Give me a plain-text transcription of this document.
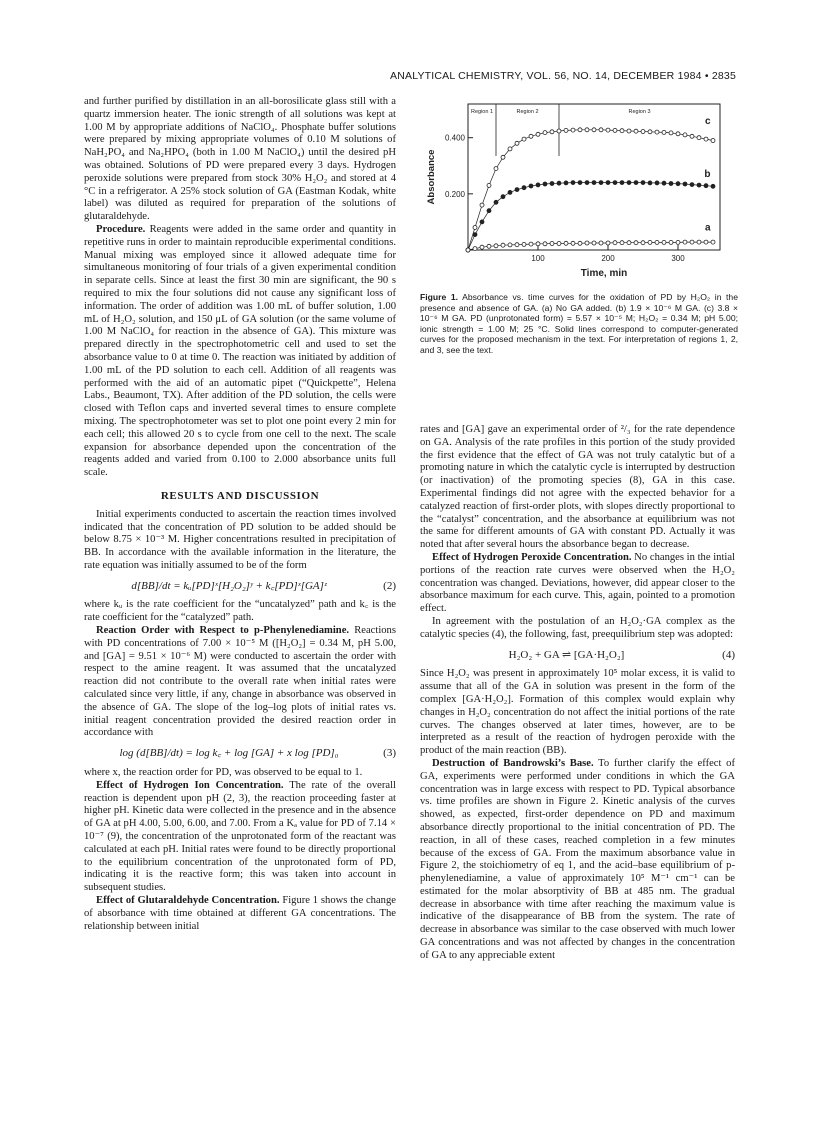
ANALYTICAL CHEMISTRY, VOL. 56, NO. 14, DECEMBER 1984 • 2835

and further purified by distillation in an all-borosilicate glass still with a quartz immersion heater. The ionic strength of all solutions was kept at 1.00 M by appropriate additions of NaClO₄. Phosphate buffer solutions were prepared by mixing appropriate volumes of 0.10 M solutions of NaH₂PO₄ and Na₂HPO₄ (both in 1.00 M NaClO₄) until the desired pH was obtained. Solutions of PD were prepared every 3 days. Hydrogen peroxide solutions were prepared from stock 30% H₂O₂ and stored at 4 °C in a refrigerator. A 25% stock solution of GA (Eastman Kodak, white label) was diluted as required for preparation of the solutions of glutaraldehyde.

Procedure. Reagents were added in the same order and quantity in repetitive runs in order to maintain reproducible experimental conditions. Manual mixing was employed since it allowed adequate time for simultaneous monitoring of four trials of a given experimental condition in separate cells. Since at least the first 30 min are significant, the 90 s required to mix the four solutions did not cause any significant loss of information. The order of addition was 1.00 mL of buffer solution, 1.00 mL of H₂O₂ solution, and 150 μL of GA solution (or the same volume of 1.00 M NaClO₄ for reaction in the absence of GA). This mixture was prepared directly in the spectrophotometric cell and used to set the absorbance value to 0 at time 0. The reaction was initiated by addition of 1.00 mL of the PD solution to each cell. Addition of all reagents was performed with the aid of an automatic pipet (“Quickpette”, Helena Labs., Beaumont, TX). After addition of the PD solution, the cells were closed with Teflon caps and inverted several times to ensure complete mixing. The spectrophotometer was set to plot one point every 2 min for each cell; this allowed 20 s to cycle from one cell to the next. The scale expansion for absorbance depended upon the concentration of the reagents added and varied from 0.100 to 2.000 absorbance units full scale.

RESULTS AND DISCUSSION

Initial experiments conducted to ascertain the reaction times involved indicated that the concentration of PD solution to be added should be below 8.75 × 10⁻³ M. Higher concentrations resulted in precipitation of BB. In accordance with the available information in the literature, the rate equation was initially assumed to be of the form

d[BB]/dt = kᵤ[PD]ˣ[H₂O₂]ʸ + k꜀[PD]ˣ[GA]ᶻ	(2)

where kᵤ is the rate coefficient for the “uncatalyzed” path and k꜀ is the rate coefficient for the “catalyzed” path.

Reaction Order with Respect to p-Phenylenediamine. Reactions with PD concentrations of 7.00 × 10⁻⁵ M ([H₂O₂] = 0.34 M, pH 5.00, and [GA] = 9.51 × 10⁻⁶ M) were conducted to ascertain the order with respect to the amine reagent. It was assumed that the uncatalyzed reaction did not contribute to the overall rate when initial rates were calculated since very little, if any, change in absorbance was observed in the absence of GA. The slope of the log–log plots of initial rates vs. initial reagent concentration provided the desired reaction order in accordance with

log (d[BB]/dt) = log k꜀ + log [GA] + x log [PD]₀	(3)

where x, the reaction order for PD, was observed to be equal to 1.

Effect of Hydrogen Ion Concentration. The rate of the overall reaction is dependent upon pH (2, 3), the reaction proceeding faster at higher pH. Kinetic data were collected in the presence and in the absence of GA at pH 4.00, 5.00, 6.00, and 7.00. From a Kₐ value for PD of 7.14 × 10⁻⁷ (9), the concentration of the unprotonated form of the reactant was calculated at each pH. Initial rates were found to be directly proportional to the equilibrium concentration of the unprotonated form of PD, indicating it is the reactive form; this was taken into account in subsequent studies.

Effect of Glutaraldehyde Concentration. Figure 1 shows the change of absorbance with time obtained at different GA concentrations. The relationship between initial

Region 1	Region 2	Region 3
0.200
0.400
100	200	300
Absorbance
Time, min
c
b
a
Figure 1. Absorbance vs. time curves for the oxidation of PD by H₂O₂ in the presence and absence of GA. (a) No GA added. (b) 1.9 × 10⁻⁶ M GA. (c) 3.8 × 10⁻⁶ M GA. PD (unprotonated form) = 5.57 × 10⁻⁵ M; H₂O₂ = 0.34 M; pH 5.00; ionic strength = 1.00 M; 25 °C. Solid lines correspond to computer-generated curves for the proposed mechanism in the text. For interpretation of regions 1, 2, and 3, see the text.

rates and [GA] gave an experimental order of ²/₃ for the rate dependence on GA. Analysis of the rate profiles in this portion of the study provided the first evidence that the effect of GA was not truly catalytic but of a promoting nature in which the catalytic cycle is interrupted by destruction (or inactivation) of the promoting species (8), GA in this case. Experimental findings did not agree with the expected behavior for a catalyzed reaction of first-order plots, with slopes directly proportional to the “catalyst” concentration, and the absorbance at equilibrium was not the same for different amounts of GA with constant PD. Actually it was noted that after several hours the absorbance began to decrease.

Effect of Hydrogen Peroxide Concentration. No changes in the intial portions of the reaction rate curves were observed when the H₂O₂ concentration was changed. Deviations, however, did appear closer to the absorbance maximum for each curve. This, again, pointed to a promotion effect.

In agreement with the postulation of an H₂O₂·GA complex as the catalytic species (4), the following, fast, preequilibrium step was adopted:

H₂O₂ + GA ⇌ [GA·H₂O₂]	(4)

Since H₂O₂ was present in approximately 10⁵ molar excess, it is valid to assume that all of the GA in solution was present in the form of the complex [GA·H₂O₂]. Formation of this complex would explain why changes in H₂O₂ concentration do not affect the initial portions of the rate curves. The changes observed at later times, however, are to be interpreted as a result of the reaction of hydrogen peroxide with the product of the main reaction (BB).

Destruction of Bandrowski’s Base. To further clarify the effect of GA, experiments were performed under conditions in which the GA concentration was in large excess with respect to PD. Typical absorbance vs. time profiles are shown in Figure 2. Kinetic analysis of the curves showed, as expected, first-order dependence on PD and maximum absorbance directly proportional to the initial concentration of PD. The reaction, in all of these cases, reached completion in a few minutes because of the excess of GA. From the maximum absorbance value in Figure 2, the stoichiometry of eq 1, and the acid–base equilibrium of p-phenylenediamine, a value of approximately 10⁵ M⁻¹ cm⁻¹ can be estimated for the molar absorptivity of BB at 485 nm. The gradual decrease in absorbance with time after reaching the maximum value is indicative of the disappearance of BB from the system. The rate of decrease in absorbance was similar to the case observed with much lower GA concentrations and was not affected by changes in the concentration of GA to any appreciable extent
